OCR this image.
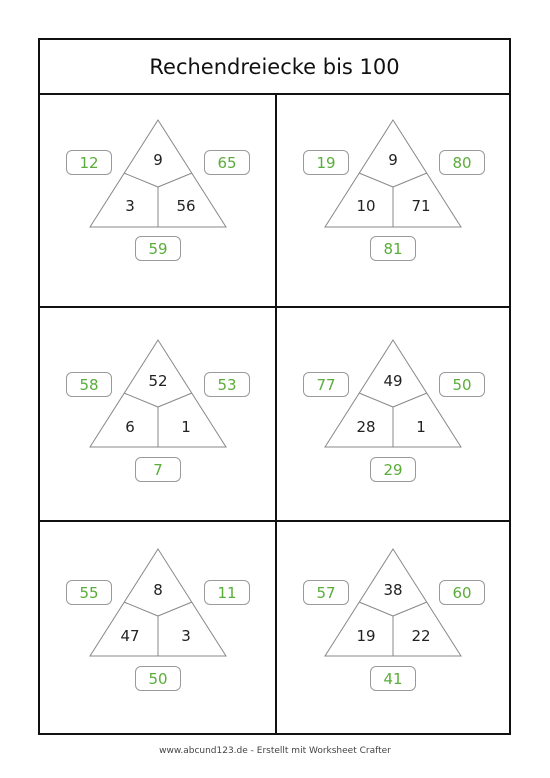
Rechendreiecke bis 100
9
3	56
12	65
59
9
10	71
19	80
81
52
6	1
58	53
7
49
28	1
77	50
29
8
47	3
55	11
50
38
19	22
57	60
41
www.abcund123.de - Erstellt mit Worksheet Crafter
